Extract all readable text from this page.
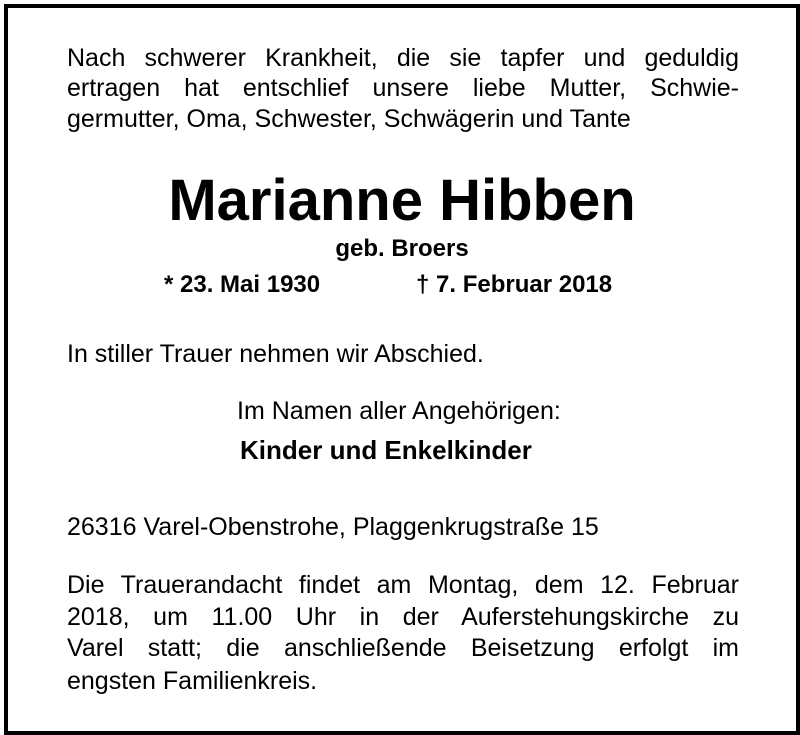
Nach schwerer Krankheit, die sie tapfer und geduldig
ertragen hat entschlief unsere liebe Mutter, Schwie-
germutter, Oma, Schwester, Schwägerin und Tante
Marianne Hibben
geb. Broers
* 23. Mai 1930	† 7. Februar 2018
In stiller Trauer nehmen wir Abschied.
Im Namen aller Angehörigen:
Kinder und Enkelkinder
26316 Varel-Obenstrohe, Plaggenkrugstraße 15
Die Trauerandacht findet am Montag, dem 12. Februar
2018, um 11.00 Uhr in der Auferstehungskirche zu
Varel statt; die anschließende Beisetzung erfolgt im
engsten Familienkreis.
